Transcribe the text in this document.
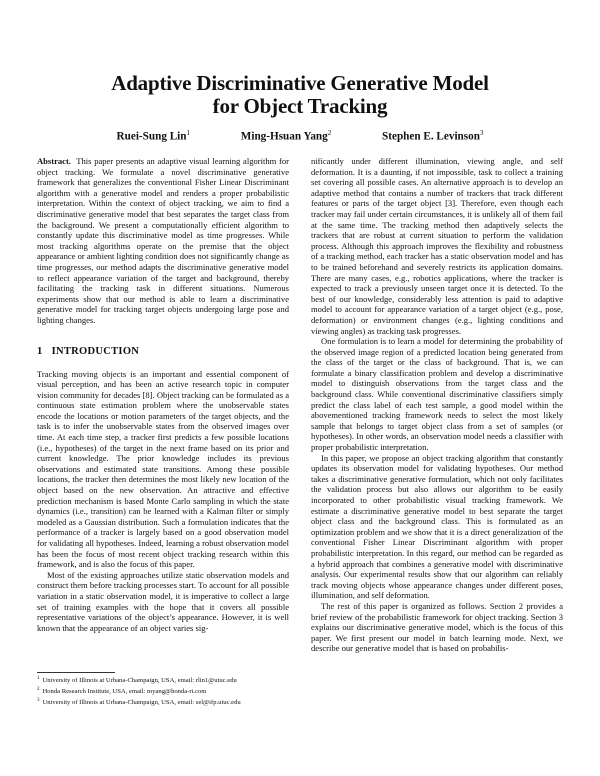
Adaptive Discriminative Generative Model
for Object Tracking
Ruei-Sung Lin$^1$	Ming-Hsuan Yang$^2$	Stephen E. Levinson$^3$

Abstract. This paper presents an adaptive visual learning algorithm for object tracking. We formulate a novel discriminative generative framework that generalizes the conventional Fisher Linear Discriminant algorithm with a generative model and renders a proper probabilistic interpretation. Within the context of object tracking, we aim to find a discriminative generative model that best separates the target class from the background. We present a computationally efficient algorithm to constantly update this discriminative model as time progresses. While most tracking algorithms operate on the premise that the object appearance or ambient lighting condition does not significantly change as time progresses, our method adapts the discriminative generative model to reflect appearance variation of the target and background, thereby facilitating the tracking task in different situations. Numerous experiments show that our method is able to learn a discriminative generative model for tracking target objects undergoing large pose and lighting changes.

1 INTRODUCTION

Tracking moving objects is an important and essential component of visual perception, and has been an active research topic in computer vision community for decades [8]. Object tracking can be formulated as a continuous state estimation problem where the unobservable states encode the locations or motion parameters of the target objects, and the task is to infer the unobservable states from the observed images over time. At each time step, a tracker first predicts a few possible locations (i.e., hypotheses) of the target in the next frame based on its prior and current knowledge. The prior knowledge includes its previous observations and estimated state transitions. Among these possible locations, the tracker then determines the most likely new location of the object based on the new observation. An attractive and effective prediction mechanism is based Monte Carlo sampling in which the state dynamics (i.e., transition) can be learned with a Kalman filter or simply modeled as a Gaussian distribution. Such a formulation indicates that the performance of a tracker is largely based on a good observation model for validating all hypotheses. Indeed, learning a robust observation model has been the focus of most recent object tracking research within this framework, and is also the focus of this paper.

Most of the existing approaches utilize static observation models and construct them before tracking processes start. To account for all possible variation in a static observation model, it is imperative to collect a large set of training examples with the hope that it covers all possible representative variations of the object’s appearance. However, it is well known that the appearance of an object varies sig-

nificantly under different illumination, viewing angle, and self deformation. It is a daunting, if not impossible, task to collect a training set covering all possible cases. An alternative approach is to develop an adaptive method that contains a number of trackers that track different features or parts of the target object [3]. Therefore, even though each tracker may fail under certain circumstances, it is unlikely all of them fail at the same time. The tracking method then adaptively selects the trackers that are robust at current situation to perform the validation process. Although this approach improves the flexibility and robustness of a tracking method, each tracker has a static observation model and has to be trained beforehand and severely restricts its application domains. There are many cases, e.g., robotics applications, where the tracker is expected to track a previously unseen target once it is detected. To the best of our knowledge, considerably less attention is paid to adaptive model to account for appearance variation of a target object (e.g., pose, deformation) or environment changes (e.g., lighting conditions and viewing angles) as tracking task progresses.

One formulation is to learn a model for determining the probability of the observed image region of a predicted location being generated from the class of the target or the class of background. That is, we can formulate a binary classification problem and develop a discriminative model to distinguish observations from the target class and the background class. While conventional discriminative classifiers simply predict the class label of each test sample, a good model within the abovementioned tracking framework needs to select the most likely sample that belongs to target object class from a set of samples (or hypotheses). In other words, an observation model needs a classifier with proper probabilistic interpretation.

In this paper, we propose an object tracking algorithm that constantly updates its observation model for validating hypotheses. Our method takes a discriminative generative formulation, which not only facilitates the validation process but also allows our algorithm to be easily incorporated to other probabilistic visual tracking framework. We estimate a discriminative generative model to best separate the target object class and the background class. This is formulated as an optimization problem and we show that it is a direct generalization of the conventional Fisher Linear Discriminant algorithm with proper probabilistic interpretation. In this regard, our method can be regarded as a hybrid approach that combines a generative model with discriminative analysis. Our experimental results show that our algorithm can reliably track moving objects whose appearance changes under different poses, illumination, and self deformation.

The rest of this paper is organized as follows. Section 2 provides a brief review of the probabilistic framework for object tracking. Section 3 explains our discriminative generative model, which is the focus of this paper. We first present our model in batch learning mode. Next, we describe our generative model that is based on probabilis-

$^1$ University of Illinois at Urbana-Champaign, USA, email: rlin1@uiuc.edu
$^2$ Honda Research Institute, USA, email: myang@honda-ri.com
$^3$ University of Illinois at Urbana-Champaign, USA, email: sel@ifp.uiuc.edu
